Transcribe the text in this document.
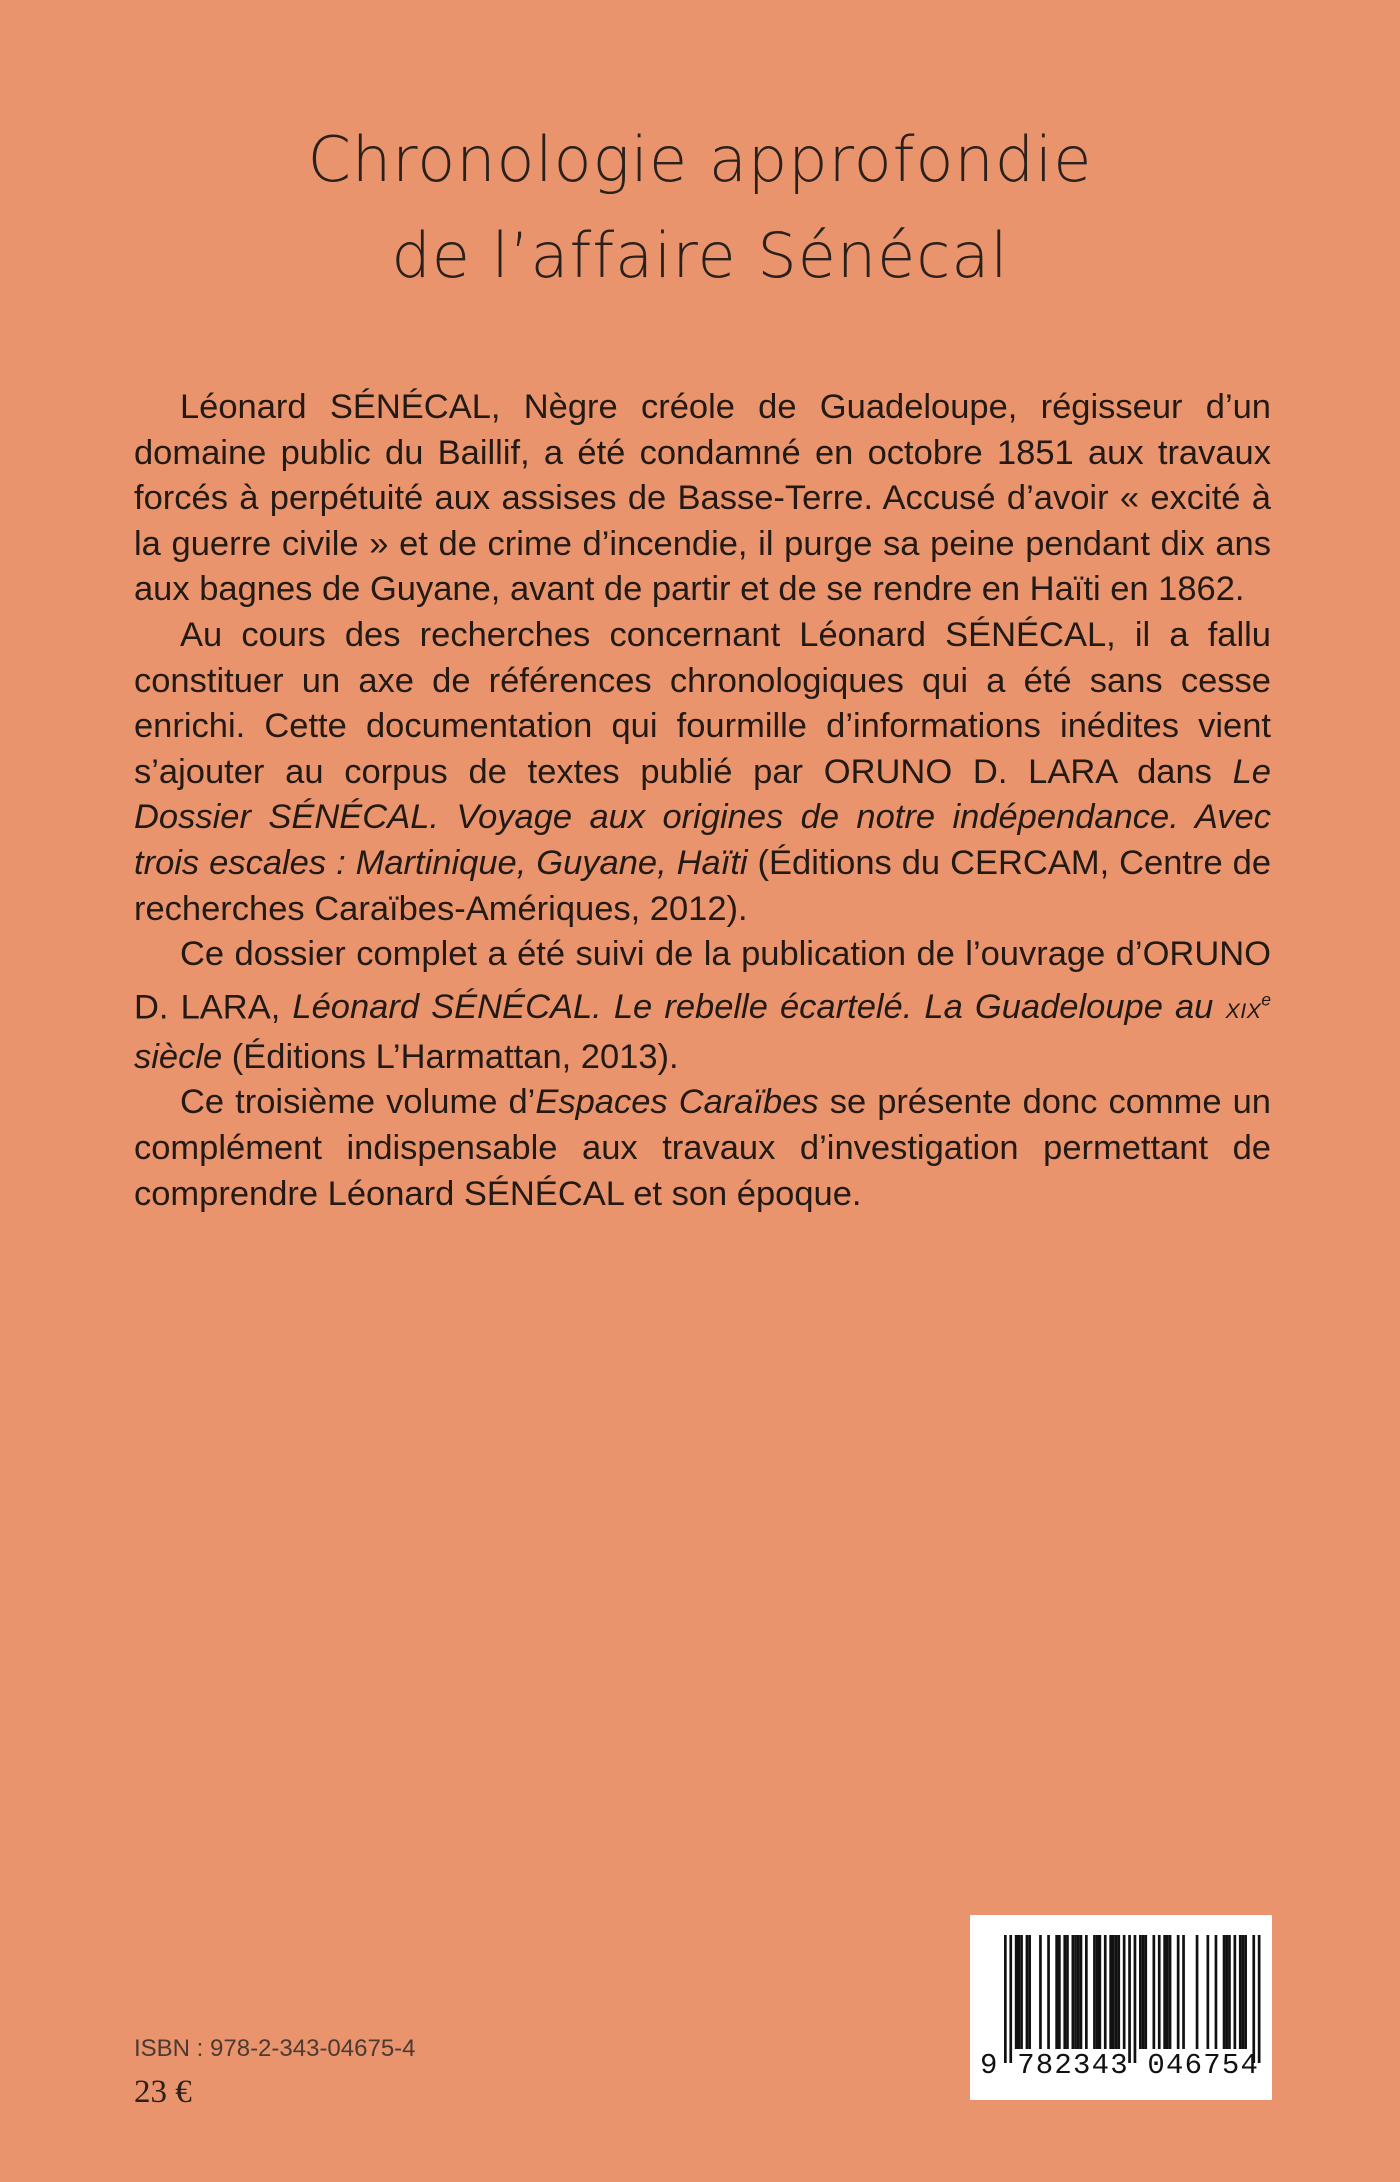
Chronologie approfondie
de l’affaire Sénécal

Léonard SÉNÉCAL, Nègre créole de Guadeloupe, régisseur d’un domaine public du Baillif, a été condamné en octobre 1851 aux travaux forcés à perpétuité aux assises de Basse-Terre. Accusé d’avoir « excité à la guerre civile » et de crime d’incendie, il purge sa peine pendant dix ans aux bagnes de Guyane, avant de partir et de se rendre en Haïti en 1862.

Au cours des recherches concernant Léonard SÉNÉCAL, il a fallu constituer un axe de références chronologiques qui a été sans cesse enrichi. Cette documentation qui fourmille d’informations inédites vient s’ajouter au corpus de textes publié par ORUNO D. LARA dans Le Dossier SÉNÉCAL. Voyage aux origines de notre indépendance. Avec trois escales : Martinique, Guyane, Haïti (Éditions du CERCAM, Centre de recherches Caraïbes-Amériques, 2012).

Ce dossier complet a été suivi de la publication de l’ouvrage d’ORUNO D. LARA, Léonard SÉNÉCAL. Le rebelle écartelé. La Guadeloupe au XIXe siècle (Éditions L’Harmattan, 2013).

Ce troisième volume d’Espaces Caraïbes se présente donc comme un complément indispensable aux travaux d’investigation permettant de comprendre Léonard SÉNÉCAL et son époque.

ISBN : 978-2-343-04675-4
23 €
9 782343 046754
